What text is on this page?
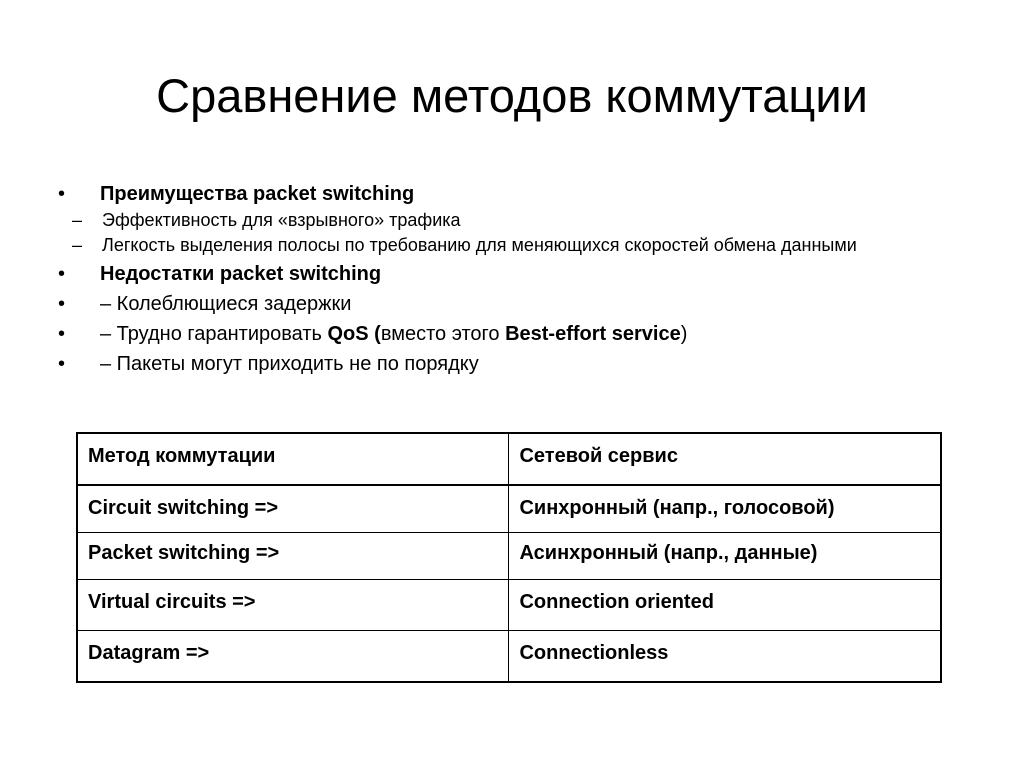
Сравнение методов коммутации
•	Преимущества packet switching
– Эффективность для «взрывного» трафика
– Легкость выделения полосы по требованию для меняющихся скоростей обмена данными
•	Недостатки packet switching
•	– Колеблющиеся задержки
•	– Трудно гарантировать QoS (вместо этого Best-effort service)
•	– Пакеты могут приходить не по порядку
Метод коммутации	Сетевой сервис
Circuit switching =>	Синхронный (напр., голосовой)
Packet switching =>	Асинхронный (напр., данные)
Virtual circuits =>	Connection oriented
Datagram =>	Connectionless
